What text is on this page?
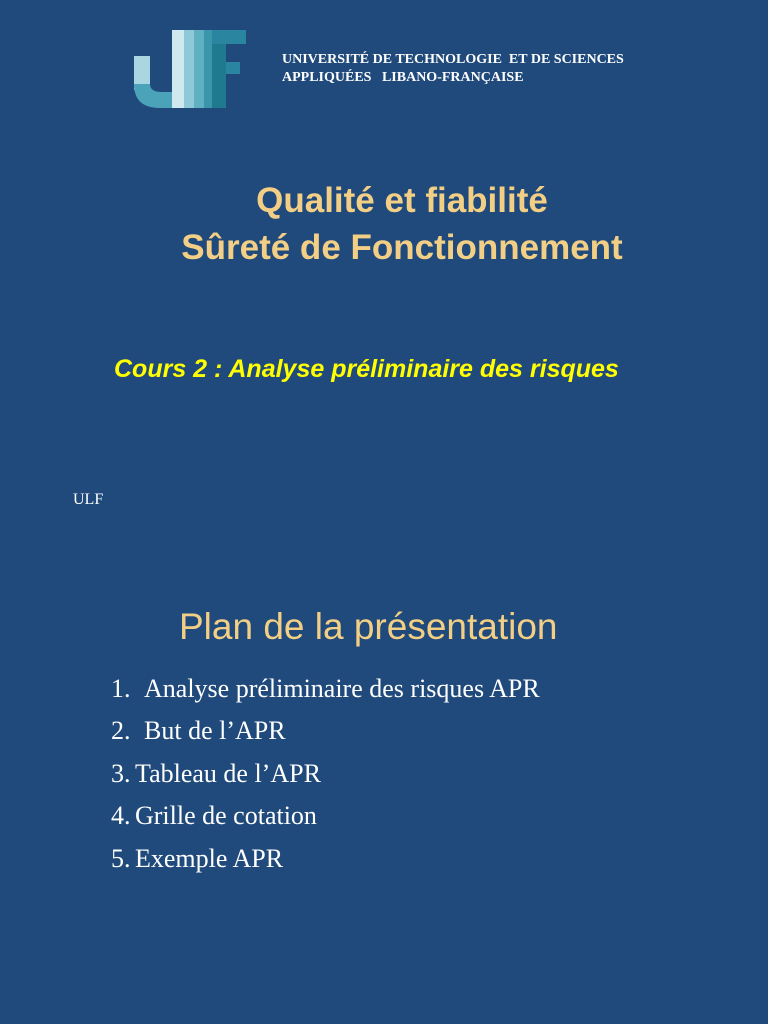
UNIVERSITÉ DE TECHNOLOGIE  ET DE SCIENCES
APPLIQUÉES   LIBANO-FRANÇAISE
Qualité et fiabilité
Sûreté de Fonctionnement
Cours 2 : Analyse préliminaire des risques
ULF
Plan de la présentation
1. Analyse préliminaire des risques APR
2. But de l’APR
3. Tableau de l’APR
4. Grille de cotation
5. Exemple APR
